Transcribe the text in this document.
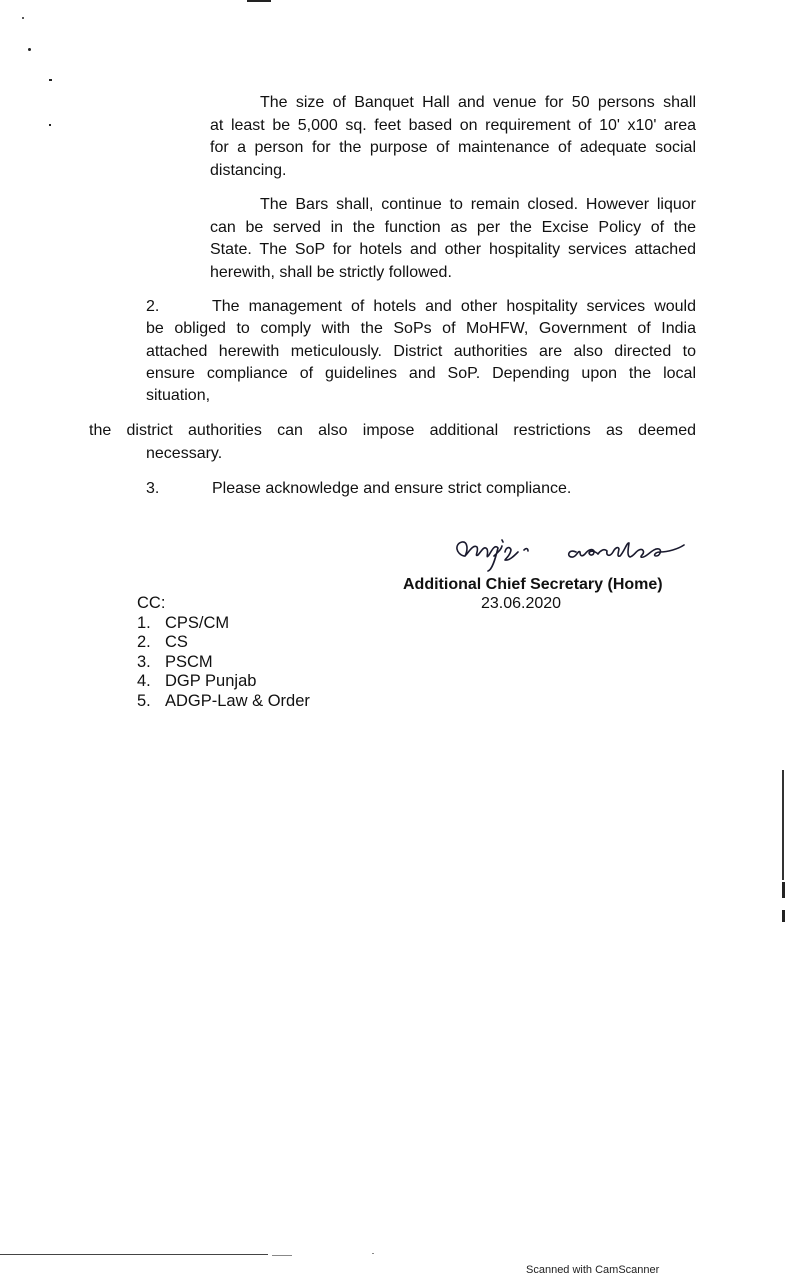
The size of Banquet Hall and venue for 50 persons shall
at least be 5,000 sq. feet based on requirement of 10' x10' area
for a person for the purpose of maintenance of adequate social
distancing.
The Bars shall, continue to remain closed. However liquor
can be served in the function as per the Excise Policy of the
State. The SoP for hotels and other hospitality services attached
herewith, shall be strictly followed.
2.	The management of hotels and other hospitality services would
be obliged to comply with the SoPs of MoHFW, Government of India
attached herewith meticulously. District authorities are also directed to
ensure compliance of guidelines and SoP. Depending upon the local
situation,
the district authorities can also impose additional restrictions as deemed
necessary.
3.	Please acknowledge and ensure strict compliance.
Additional Chief Secretary (Home)
23.06.2020
CC:
1. CPS/CM
2. CS
3. PSCM
4. DGP Punjab
5. ADGP-Law & Order
Scanned with CamScanner
